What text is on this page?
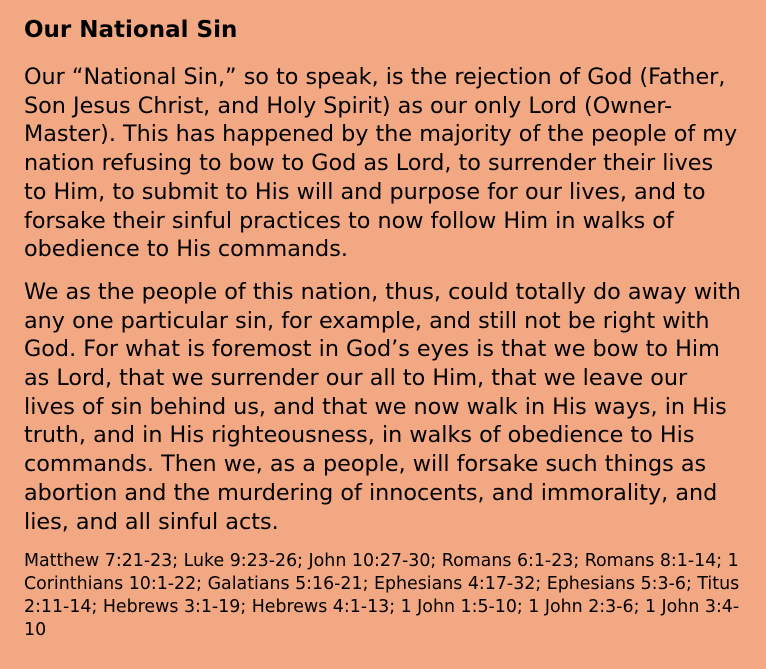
Our National Sin

Our “National Sin,” so to speak, is the rejection of God (Father, Son Jesus Christ, and Holy Spirit) as our only Lord (Owner-Master). This has happened by the majority of the people of my nation refusing to bow to God as Lord, to surrender their lives to Him, to submit to His will and purpose for our lives, and to forsake their sinful practices to now follow Him in walks of obedience to His commands.

We as the people of this nation, thus, could totally do away with any one particular sin, for example, and still not be right with God. For what is foremost in God’s eyes is that we bow to Him as Lord, that we surrender our all to Him, that we leave our lives of sin behind us, and that we now walk in His ways, in His truth, and in His righteousness, in walks of obedience to His commands. Then we, as a people, will forsake such things as abortion and the murdering of innocents, and immorality, and lies, and all sinful acts.

Matthew 7:21-23; Luke 9:23-26; John 10:27-30; Romans 6:1-23; Romans 8:1-14; 1 Corinthians 10:1-22; Galatians 5:16-21; Ephesians 4:17-32; Ephesians 5:3-6; Titus 2:11-14; Hebrews 3:1-19; Hebrews 4:1-13; 1 John 1:5-10; 1 John 2:3-6; 1 John 3:4-10
